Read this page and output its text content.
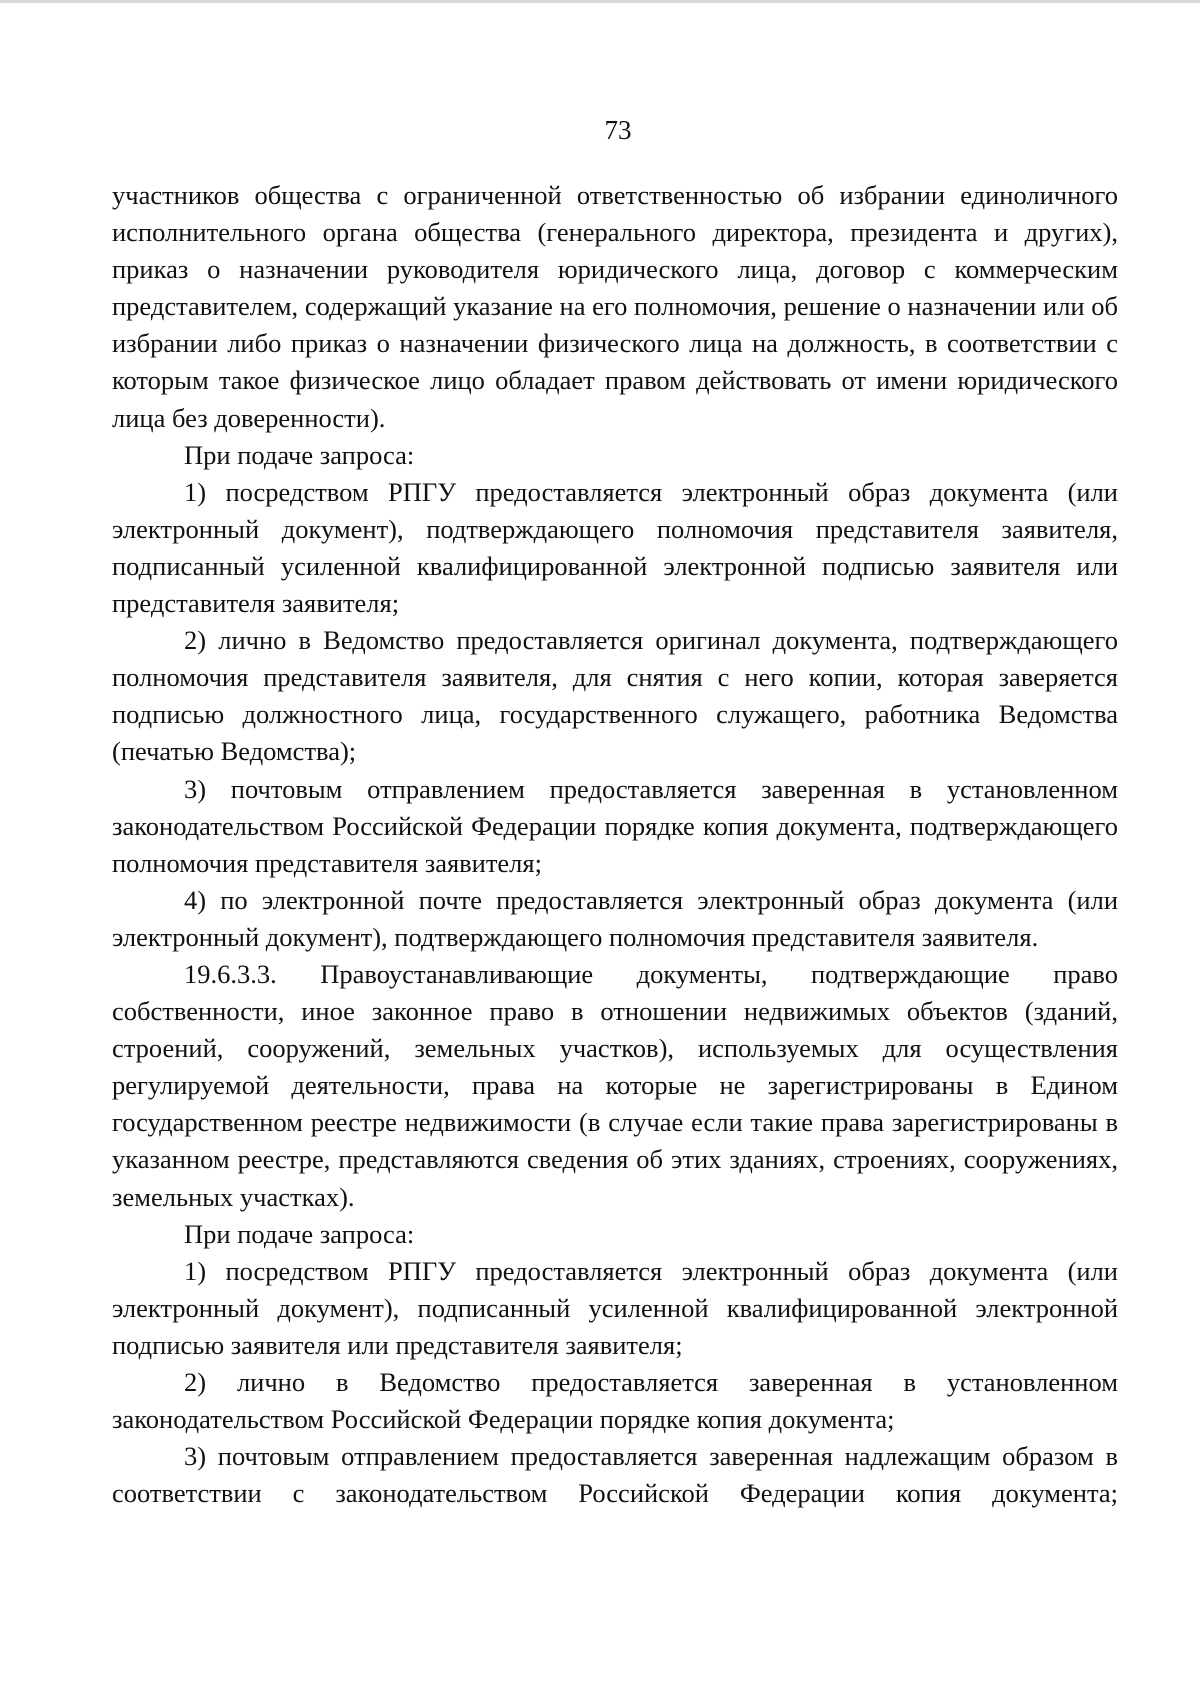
73

участников общества с ограниченной ответственностью об избрании единоличного исполнительного органа общества (генерального директора, президента и других), приказ о назначении руководителя юридического лица, договор с коммерческим представителем, содержащий указание на его полномочия, решение о назначении или об избрании либо приказ о назначении физического лица на должность, в соответствии с которым такое физическое лицо обладает правом действовать от имени юридического лица без доверенности).

При подаче запроса:

1) посредством РПГУ предоставляется электронный образ документа (или электронный документ), подтверждающего полномочия представителя заявителя, подписанный усиленной квалифицированной электронной подписью заявителя или представителя заявителя;

2) лично в Ведомство предоставляется оригинал документа, подтверждающего полномочия представителя заявителя, для снятия с него копии, которая заверяется подписью должностного лица, государственного служащего, работника Ведомства (печатью Ведомства);

3) почтовым отправлением предоставляется заверенная в установленном законодательством Российской Федерации порядке копия документа, подтверждающего полномочия представителя заявителя;

4) по электронной почте предоставляется электронный образ документа (или электронный документ), подтверждающего полномочия представителя заявителя.

19.6.3.3. Правоустанавливающие документы, подтверждающие право собственности, иное законное право в отношении недвижимых объектов (зданий, строений, сооружений, земельных участков), используемых для осуществления регулируемой деятельности, права на которые не зарегистрированы в Едином государственном реестре недвижимости (в случае если такие права зарегистрированы в указанном реестре, представляются сведения об этих зданиях, строениях, сооружениях, земельных участках).

При подаче запроса:

1) посредством РПГУ предоставляется электронный образ документа (или электронный документ), подписанный усиленной квалифицированной электронной подписью заявителя или представителя заявителя;

2) лично в Ведомство предоставляется заверенная в установленном законодательством Российской Федерации порядке копия документа;

3) почтовым отправлением предоставляется заверенная надлежащим образом в соответствии с законодательством Российской Федерации копия документа;
